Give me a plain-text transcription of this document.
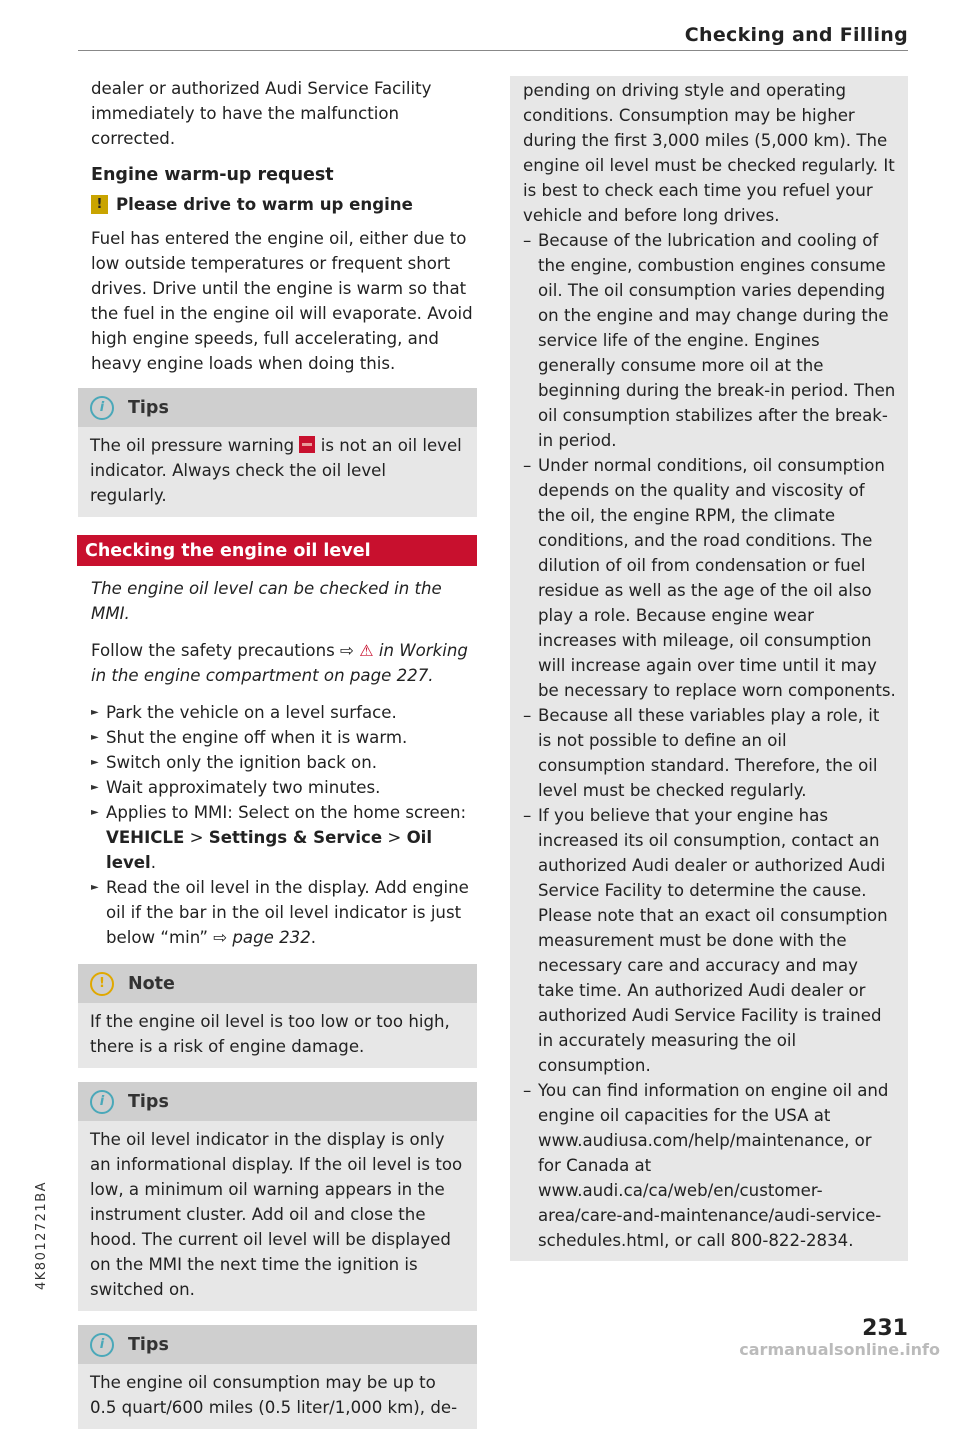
Checking and Filling

dealer or authorized Audi Service Facility immediately to have the malfunction corrected.

Engine warm-up request
! Please drive to warm up engine

Fuel has entered the engine oil, either due to low outside temperatures or frequent short drives. Drive until the engine is warm so that the fuel in the engine oil will evaporate. Avoid high engine speeds, full accelerating, and heavy engine loads when doing this.

i	Tips
The oil pressure warning is not an oil level indicator. Always check the oil level regularly.
Checking the engine oil level

The engine oil level can be checked in the MMI.

Follow the safety precautions ⇨ ⚠ in Working in the engine compartment on page 227.

► Park the vehicle on a level surface.
► Shut the engine off when it is warm.
► Switch only the ignition back on.
► Wait approximately two minutes.
► Applies to MMI: Select on the home screen: VEHICLE > Settings & Service > Oil level.
► Read the oil level in the display. Add engine oil if the bar in the oil level indicator is just below “min” ⇨ page 232.
!	Note
If the engine oil level is too low or too high, there is a risk of engine damage.
i	Tips
The oil level indicator in the display is only an informational display. If the oil level is too low, a minimum oil warning appears in the instrument cluster. Add oil and close the hood. The current oil level will be displayed on the MMI the next time the ignition is switched on.
i	Tips
The engine oil consumption may be up to 0.5 quart/600 miles (0.5 liter/1,000 km), de-
pending on driving style and operating conditions. Consumption may be higher during the first 3,000 miles (5,000 km). The engine oil level must be checked regularly. It is best to check each time you refuel your vehicle and before long drives.
– Because of the lubrication and cooling of the engine, combustion engines consume oil. The oil consumption varies depending on the engine and may change during the service life of the engine. Engines generally consume more oil at the beginning during the break-in period. Then oil consumption stabilizes after the break-in period.
– Under normal conditions, oil consumption depends on the quality and viscosity of the oil, the engine RPM, the climate conditions, and the road conditions. The dilution of oil from condensation or fuel residue as well as the age of the oil also play a role. Because engine wear increases with mileage, oil consumption will increase again over time until it may be necessary to replace worn components.
– Because all these variables play a role, it is not possible to define an oil consumption standard. Therefore, the oil level must be checked regularly.
– If you believe that your engine has increased its oil consumption, contact an authorized Audi dealer or authorized Audi Service Facility to determine the cause. Please note that an exact oil consumption measurement must be done with the necessary care and accuracy and may take time. An authorized Audi dealer or authorized Audi Service Facility is trained in accurately measuring the oil consumption.
– You can find information on engine oil and engine oil capacities for the USA at www.audiusa.com/help/maintenance, or for Canada at www.audi.ca/ca/web/en/customer-area/care-and-maintenance/audi-service-schedules.html, or call 800-822-2834.
4K8012721BA
231
carmanualsonline.info
